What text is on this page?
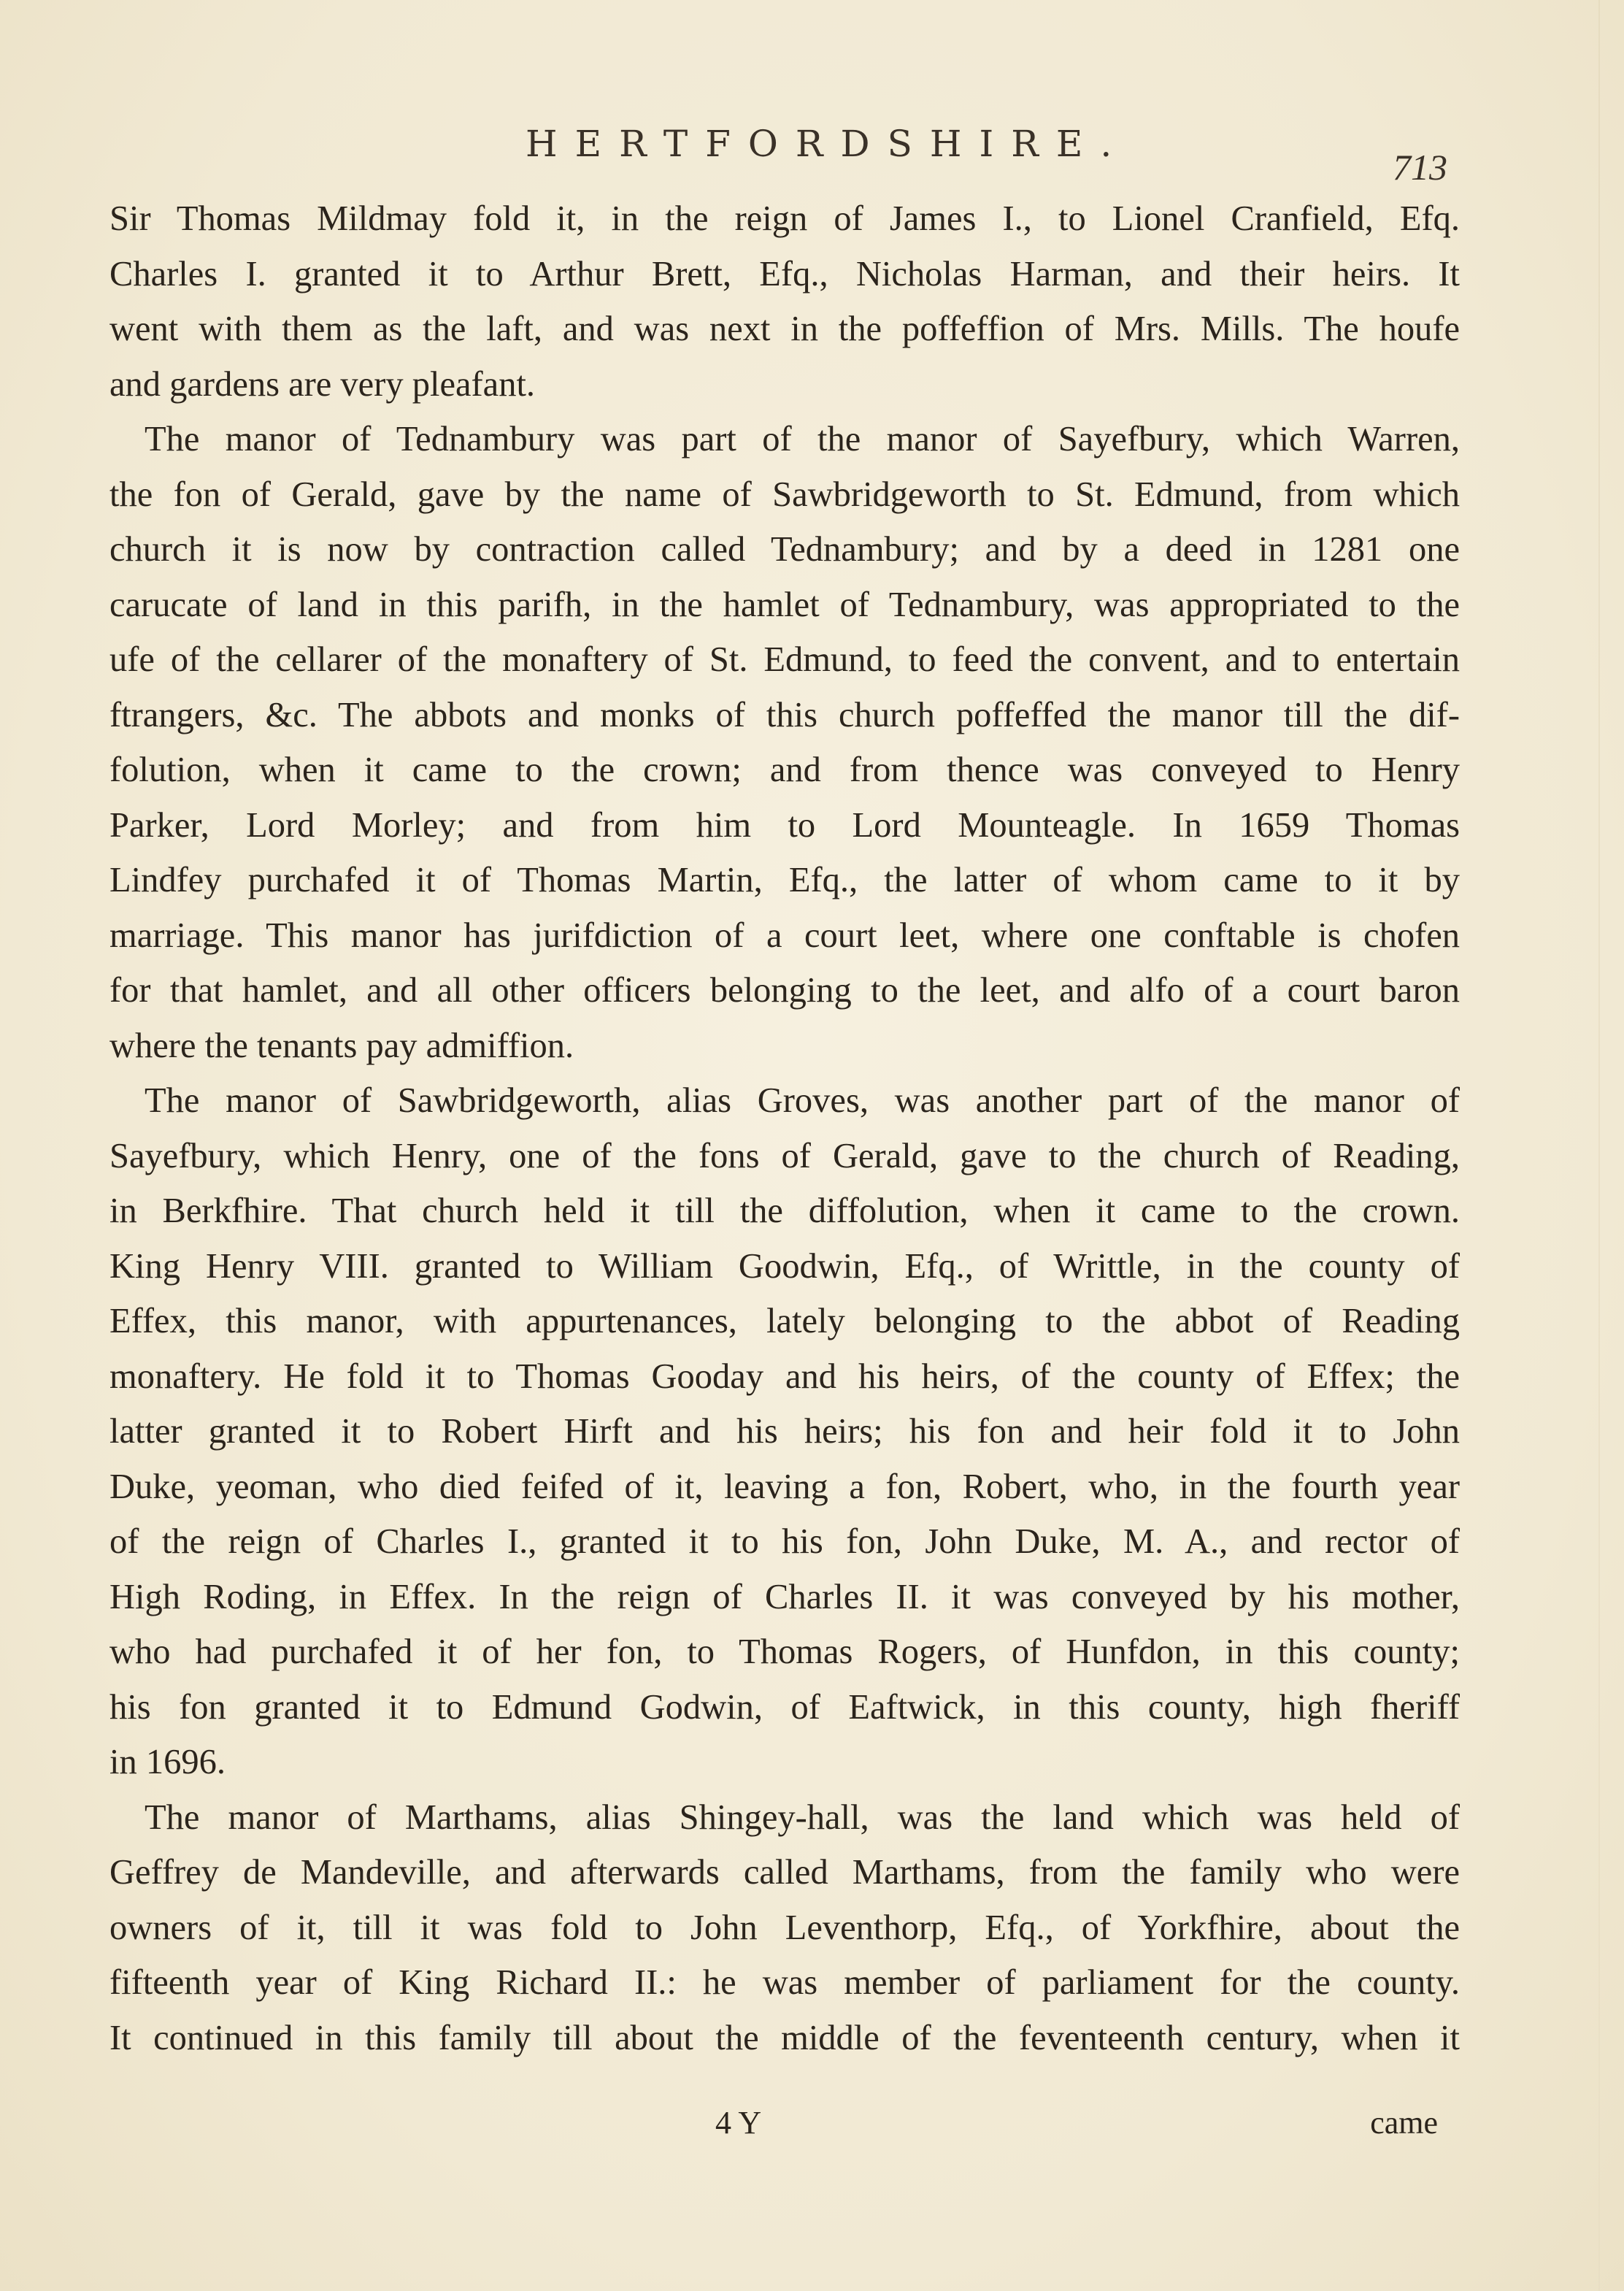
HERTFORDSHIRE.
713
Sir Thomas Mildmay fold it, in the reign of James I., to Lionel Cranfield, Efq.
Charles I. granted it to Arthur Brett, Efq., Nicholas Harman, and their heirs. It
went with them as the laft, and was next in the poffeffion of Mrs. Mills. The houfe
and gardens are very pleafant.
The manor of Tednambury was part of the manor of Sayefbury, which Warren,
the fon of Gerald, gave by the name of Sawbridgeworth to St. Edmund, from which
church it is now by contraction called Tednambury; and by a deed in 1281 one
carucate of land in this parifh, in the hamlet of Tednambury, was appropriated to the
ufe of the cellarer of the monaftery of St. Edmund, to feed the convent, and to entertain
ftrangers, &c. The abbots and monks of this church poffeffed the manor till the dif-
folution, when it came to the crown; and from thence was conveyed to Henry
Parker, Lord Morley; and from him to Lord Mounteagle. In 1659 Thomas
Lindfey purchafed it of Thomas Martin, Efq., the latter of whom came to it by
marriage. This manor has jurifdiction of a court leet, where one conftable is chofen
for that hamlet, and all other officers belonging to the leet, and alfo of a court baron
where the tenants pay admiffion.
The manor of Sawbridgeworth, alias Groves, was another part of the manor of
Sayefbury, which Henry, one of the fons of Gerald, gave to the church of Reading,
in Berkfhire. That church held it till the diffolution, when it came to the crown.
King Henry VIII. granted to William Goodwin, Efq., of Writtle, in the county of
Effex, this manor, with appurtenances, lately belonging to the abbot of Reading
monaftery. He fold it to Thomas Gooday and his heirs, of the county of Effex; the
latter granted it to Robert Hirft and his heirs; his fon and heir fold it to John
Duke, yeoman, who died feifed of it, leaving a fon, Robert, who, in the fourth year
of the reign of Charles I., granted it to his fon, John Duke, M. A., and rector of
High Roding, in Effex. In the reign of Charles II. it was conveyed by his mother,
who had purchafed it of her fon, to Thomas Rogers, of Hunfdon, in this county;
his fon granted it to Edmund Godwin, of Eaftwick, in this county, high fheriff
in 1696.
The manor of Marthams, alias Shingey-hall, was the land which was held of
Geffrey de Mandeville, and afterwards called Marthams, from the family who were
owners of it, till it was fold to John Leventhorp, Efq., of Yorkfhire, about the
fifteenth year of King Richard II.: he was member of parliament for the county.
It continued in this family till about the middle of the feventeenth century, when it
4 Y	came
